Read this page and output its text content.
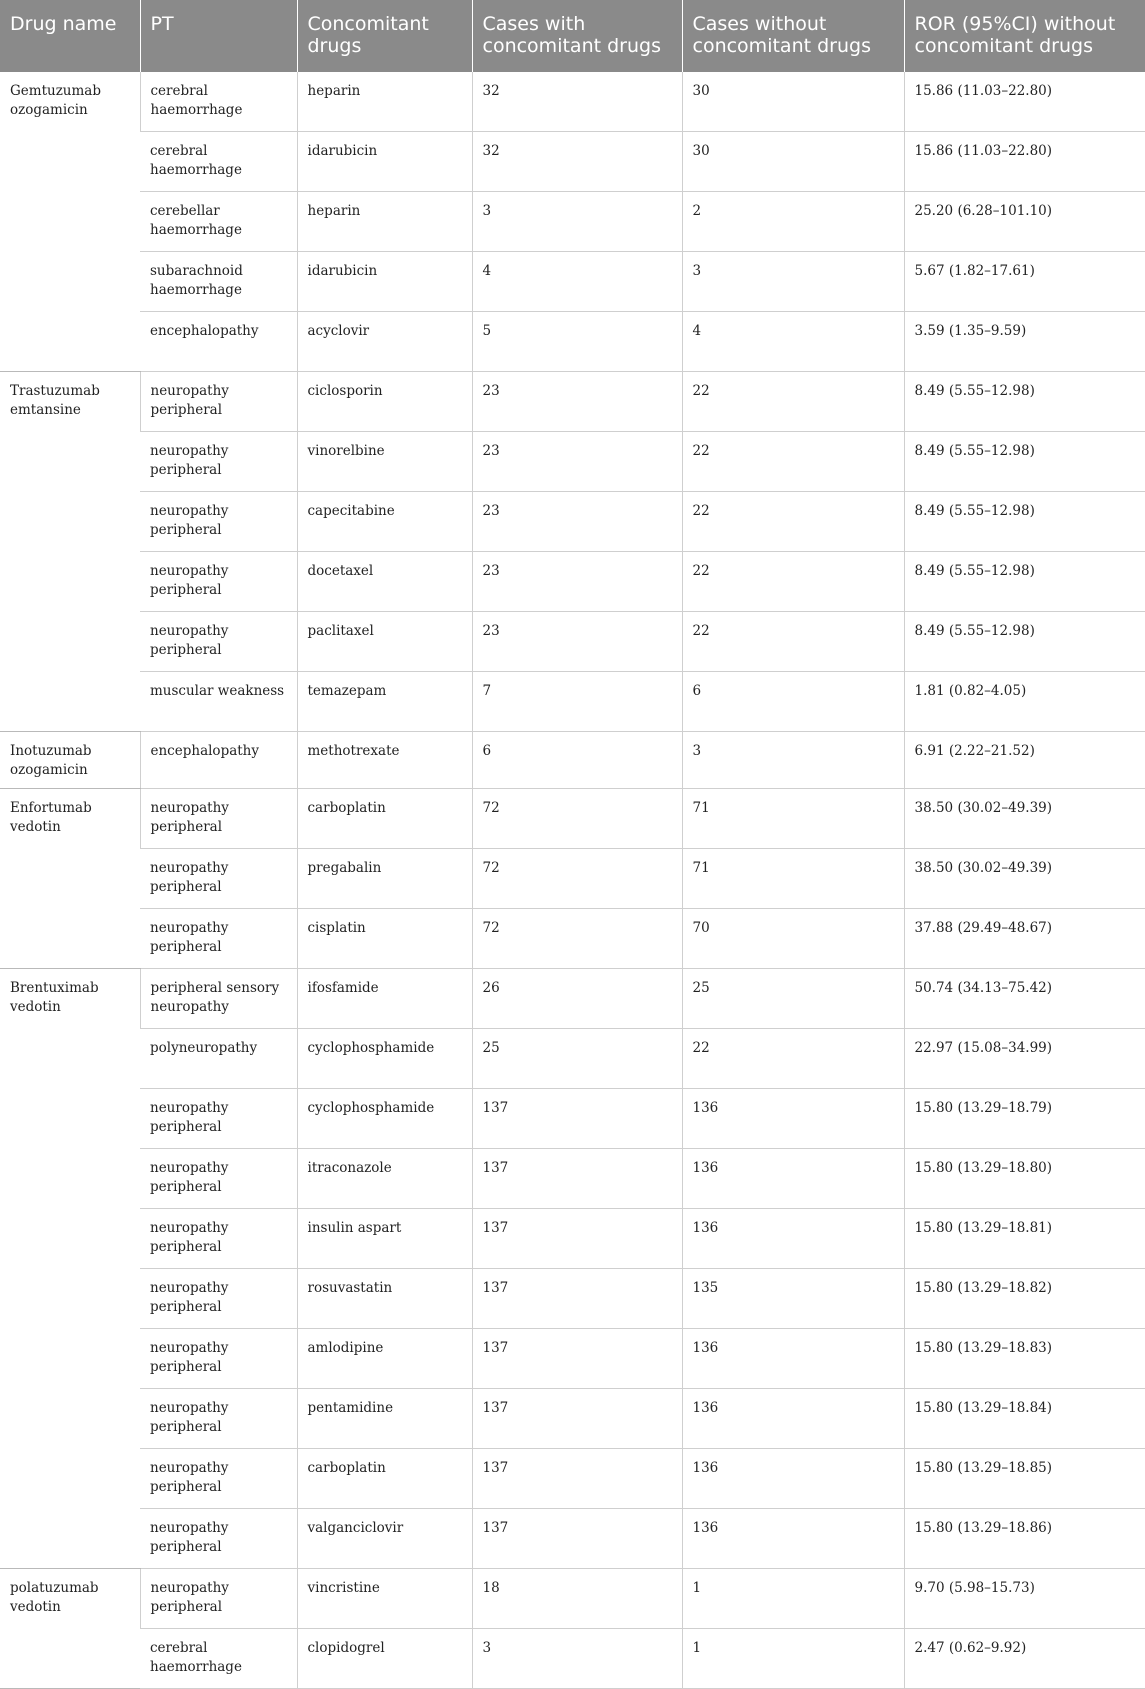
Drug name	PT	Concomitant drugs	Cases with concomitant drugs	Cases without concomitant drugs	ROR (95%CI) without concomitant drugs
Gemtuzumab ozogamicin	cerebral haemorrhage	heparin	32	30	15.86 (11.03–22.80)
	cerebral haemorrhage	idarubicin	32	30	15.86 (11.03–22.80)
	cerebellar haemorrhage	heparin	3	2	25.20 (6.28–101.10)
	subarachnoid haemorrhage	idarubicin	4	3	5.67 (1.82–17.61)
	encephalopathy	acyclovir	5	4	3.59 (1.35–9.59)
Trastuzumab emtansine	neuropathy peripheral	ciclosporin	23	22	8.49 (5.55–12.98)
	neuropathy peripheral	vinorelbine	23	22	8.49 (5.55–12.98)
	neuropathy peripheral	capecitabine	23	22	8.49 (5.55–12.98)
	neuropathy peripheral	docetaxel	23	22	8.49 (5.55–12.98)
	neuropathy peripheral	paclitaxel	23	22	8.49 (5.55–12.98)
	muscular weakness	temazepam	7	6	1.81 (0.82–4.05)
Inotuzumab ozogamicin	encephalopathy	methotrexate	6	3	6.91 (2.22–21.52)
Enfortumab vedotin	neuropathy peripheral	carboplatin	72	71	38.50 (30.02–49.39)
	neuropathy peripheral	pregabalin	72	71	38.50 (30.02–49.39)
	neuropathy peripheral	cisplatin	72	70	37.88 (29.49–48.67)
Brentuximab vedotin	peripheral sensory neuropathy	ifosfamide	26	25	50.74 (34.13–75.42)
	polyneuropathy	cyclophosphamide	25	22	22.97 (15.08–34.99)
	neuropathy peripheral	cyclophosphamide	137	136	15.80 (13.29–18.79)
	neuropathy peripheral	itraconazole	137	136	15.80 (13.29–18.80)
	neuropathy peripheral	insulin aspart	137	136	15.80 (13.29–18.81)
	neuropathy peripheral	rosuvastatin	137	135	15.80 (13.29–18.82)
	neuropathy peripheral	amlodipine	137	136	15.80 (13.29–18.83)
	neuropathy peripheral	pentamidine	137	136	15.80 (13.29–18.84)
	neuropathy peripheral	carboplatin	137	136	15.80 (13.29–18.85)
	neuropathy peripheral	valganciclovir	137	136	15.80 (13.29–18.86)
polatuzumab vedotin	neuropathy peripheral	vincristine	18	1	9.70 (5.98–15.73)
	cerebral haemorrhage	clopidogrel	3	1	2.47 (0.62–9.92)
